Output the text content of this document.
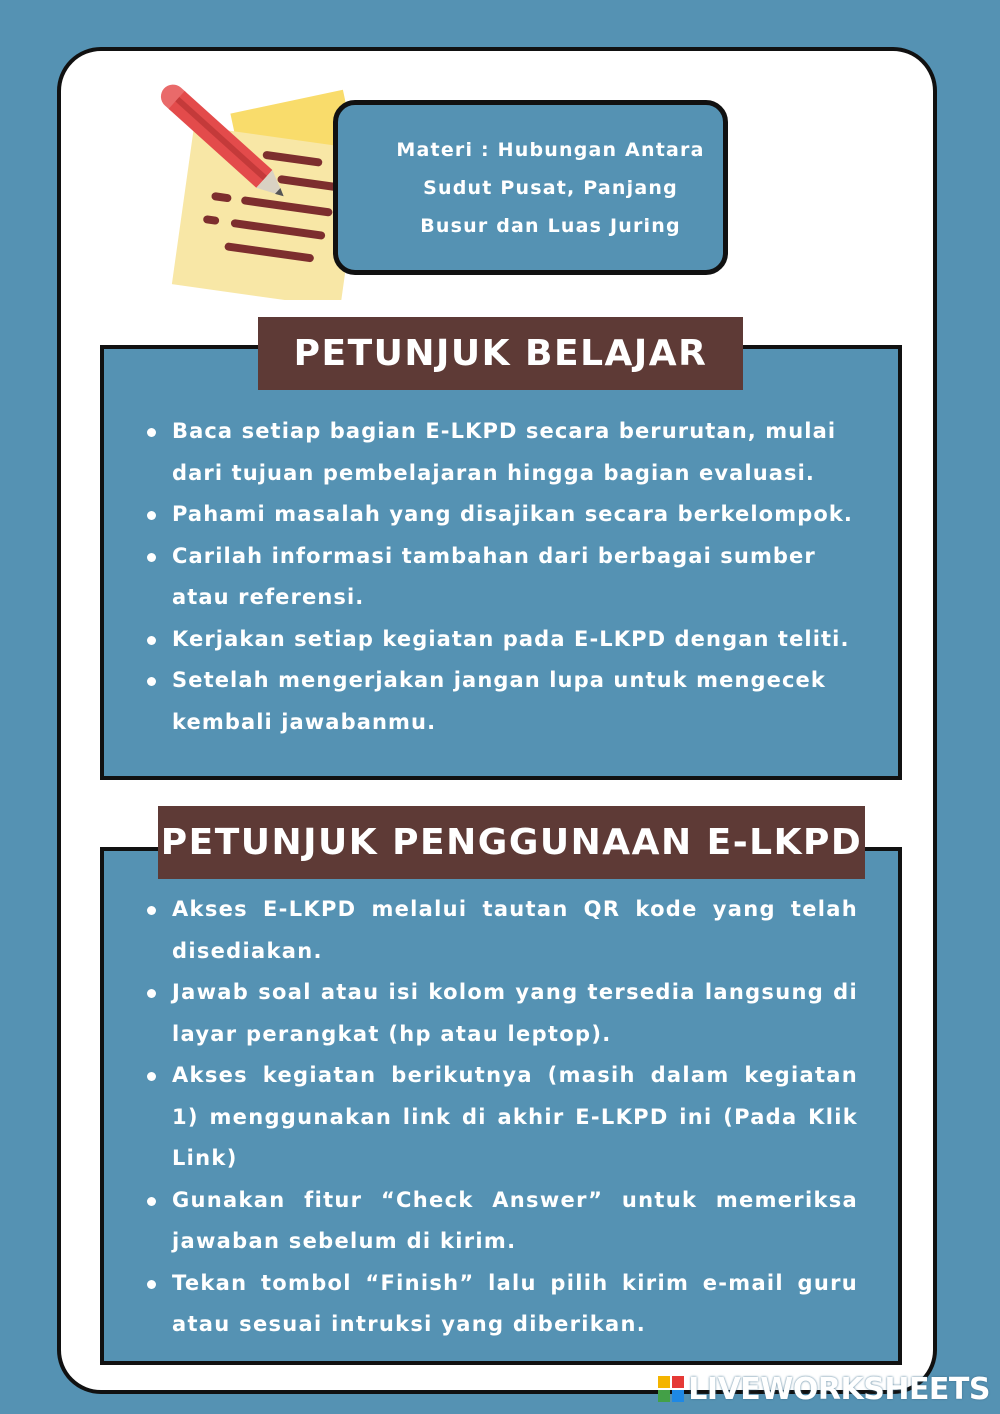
Materi : Hubungan Antara
Sudut Pusat, Panjang
Busur dan Luas Juring
PETUNJUK BELAJAR
Baca setiap bagian E-LKPD secara berurutan, mulai dari tujuan pembelajaran hingga bagian evaluasi.
Pahami masalah yang disajikan secara berkelompok.
Carilah informasi tambahan dari berbagai sumber atau referensi.
Kerjakan setiap kegiatan pada E-LKPD dengan teliti.
Setelah mengerjakan jangan lupa untuk mengecek kembali jawabanmu.
PETUNJUK PENGGUNAAN E-LKPD
Akses E-LKPD melalui tautan QR kode yang telah disediakan.
Jawab soal atau isi kolom yang tersedia langsung di layar perangkat (hp atau leptop).
Akses kegiatan berikutnya (masih dalam kegiatan 1) menggunakan link di akhir E-LKPD ini (Pada Klik Link)
Gunakan fitur “Check Answer” untuk memeriksa jawaban sebelum di kirim.
Tekan tombol “Finish” lalu pilih kirim e-mail guru atau sesuai intruksi yang diberikan.
LIVEWORKSHEETS
